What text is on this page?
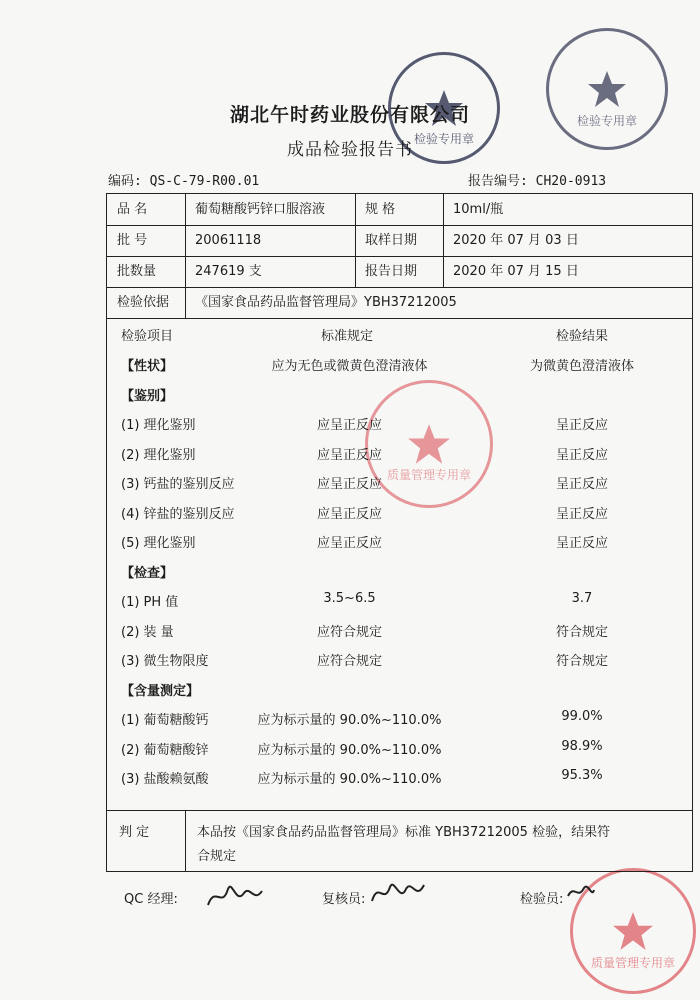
检验专用章
检验专用章
质量管理专用章
质量管理专用章
湖北午时药业股份有限公司
成品检验报告书
编码: QS-C-79-R00.01	报告编号: CH20-0913
品 名	葡萄糖酸钙锌口服溶液	规 格	10ml/瓶
批 号	20061118	取样日期	2020 年 07 月 03 日
批数量	247619 支	报告日期	2020 年 07 月 15 日
检验依据	《国家食品药品监督管理局》YBH37212005
检验项目	标准规定	检验结果
【性状】	应为无色或微黄色澄清液体	为微黄色澄清液体
【鉴别】
(1) 理化鉴别	应呈正反应	呈正反应
(2) 理化鉴别	应呈正反应	呈正反应
(3) 钙盐的鉴别反应	应呈正反应	呈正反应
(4) 锌盐的鉴别反应	应呈正反应	呈正反应
(5) 理化鉴别	应呈正反应	呈正反应
【检查】
(1) PH 值	3.5~6.5	3.7
(2) 装 量	应符合规定	符合规定
(3) 微生物限度	应符合规定	符合规定
【含量测定】
(1) 葡萄糖酸钙	应为标示量的 90.0%~110.0%	99.0%
(2) 葡萄糖酸锌	应为标示量的 90.0%~110.0%	98.9%
(3) 盐酸赖氨酸	应为标示量的 90.0%~110.0%	95.3%
判 定	本品按《国家食品药品监督管理局》标准 YBH37212005 检验，结果符
合规定
QC 经理:	复核员:	检验员:
